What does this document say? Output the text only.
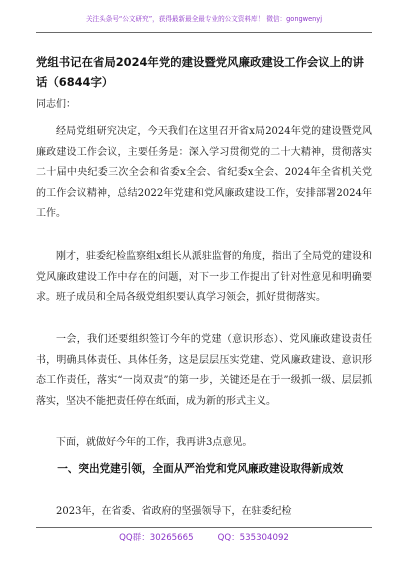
关注头条号“公文研究”，获得最新最全最专业的公文资料库！ 微信：gongwenyj
党组书记在省局2024年党的建设暨党风廉政建设工作会议上的讲话（6844字）

同志们：

经局党组研究决定，今天我们在这里召开省x局2024年党的建设暨党风廉政建设工作会议，主要任务是：深入学习贯彻党的二十大精神，贯彻落实二十届中央纪委三次全会和省委x全会、省纪委x全会、2024年全省机关党的工作会议精神，总结2022年党建和党风廉政建设工作，安排部署2024年工作。

刚才，驻委纪检监察组x组长从派驻监督的角度，指出了全局党的建设和党风廉政建设工作中存在的问题，对下一步工作提出了针对性意见和明确要求。班子成员和全局各级党组织要认真学习领会，抓好贯彻落实。

一会，我们还要组织签订今年的党建（意识形态）、党风廉政建设责任书，明确具体责任、具体任务，这是层层压实党建、党风廉政建设、意识形态工作责任，落实“一岗双责”的第一步，关键还是在于一级抓一级、层层抓落实，坚决不能把责任停在纸面，成为新的形式主义。

下面，就做好今年的工作，我再讲3点意见。

一、突出党建引领，全面从严治党和党风廉政建设取得新成效

2023年，在省委、省政府的坚强领导下，在驻委纪检

QQ群：30265665	QQ：535304092
